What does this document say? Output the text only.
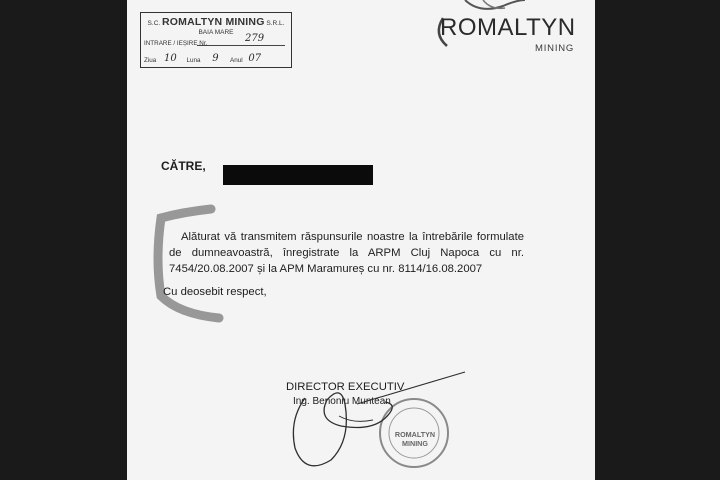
S.C. ROMALTYN MINING S.R.L.
BAIA MARE
INTRARE / IEȘIRE Nr.	279
Ziua 10 Luna 9 Anul 07
ROMALTYN
MINING
CĂTRE,
Alăturat vă transmitem răspunsurile noastre la întrebările formulate de dumneavoastră, înregistrate la ARPM Cluj Napoca cu nr. 7454/20.08.2007 și la APM Maramureș cu nr. 8114/16.08.2007
Cu deosebit respect,
DIRECTOR EXECUTIV
Ing. Benoniu Muntean
ROMALTYN MINING
